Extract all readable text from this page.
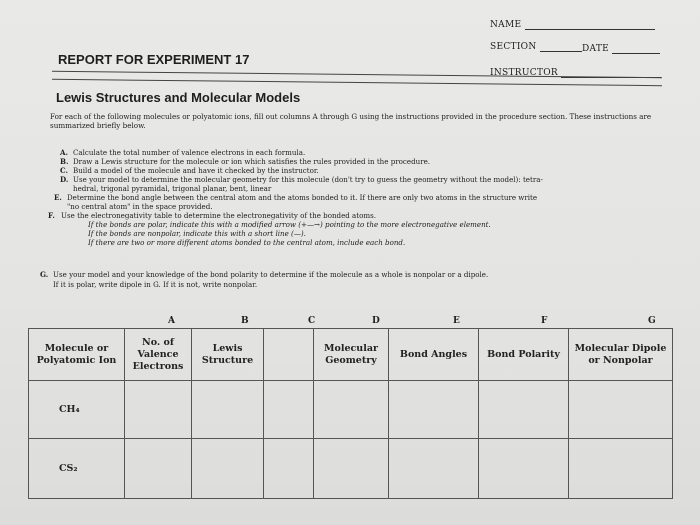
NAME
SECTION	DATE
REPORT FOR EXPERIMENT 17
INSTRUCTOR
Lewis Structures and Molecular Models
For each of the following molecules or polyatomic ions, fill out columns A through G using the instructions provided in the procedure section. These instructions are summarized briefly below.
A. Calculate the total number of valence electrons in each formula.
B. Draw a Lewis structure for the molecule or ion which satisfies the rules provided in the procedure.
C. Build a model of the molecule and have it checked by the instructor.
D. Use your model to determine the molecular geometry for this molecule (don't try to guess the geometry without the model): tetra-
hedral, trigonal pyramidal, trigonal planar, bent, linear
E. Determine the bond angle between the central atom and the atoms bonded to it. If there are only two atoms in the structure write
"no central atom" in the space provided.
F. Use the electronegativity table to determine the electronegativity of the bonded atoms.
If the bonds are polar, indicate this with a modified arrow (+—→) pointing to the more electronegative element.
If the bonds are nonpolar, indicate this with a short line (—).
If there are two or more different atoms bonded to the central atom, include each bond.
G. Use your model and your knowledge of the bond polarity to determine if the molecule as a whole is nonpolar or a dipole.
If it is polar, write dipole in G. If it is not, write nonpolar.
A	B	C	D	E	F	G
Molecule or Polyatomic Ion	No. of Valence Electrons	Lewis Structure		Molecular Geometry	Bond Angles	Bond Polarity	Molecular Dipole or Nonpolar
CH₄							
CS₂							
